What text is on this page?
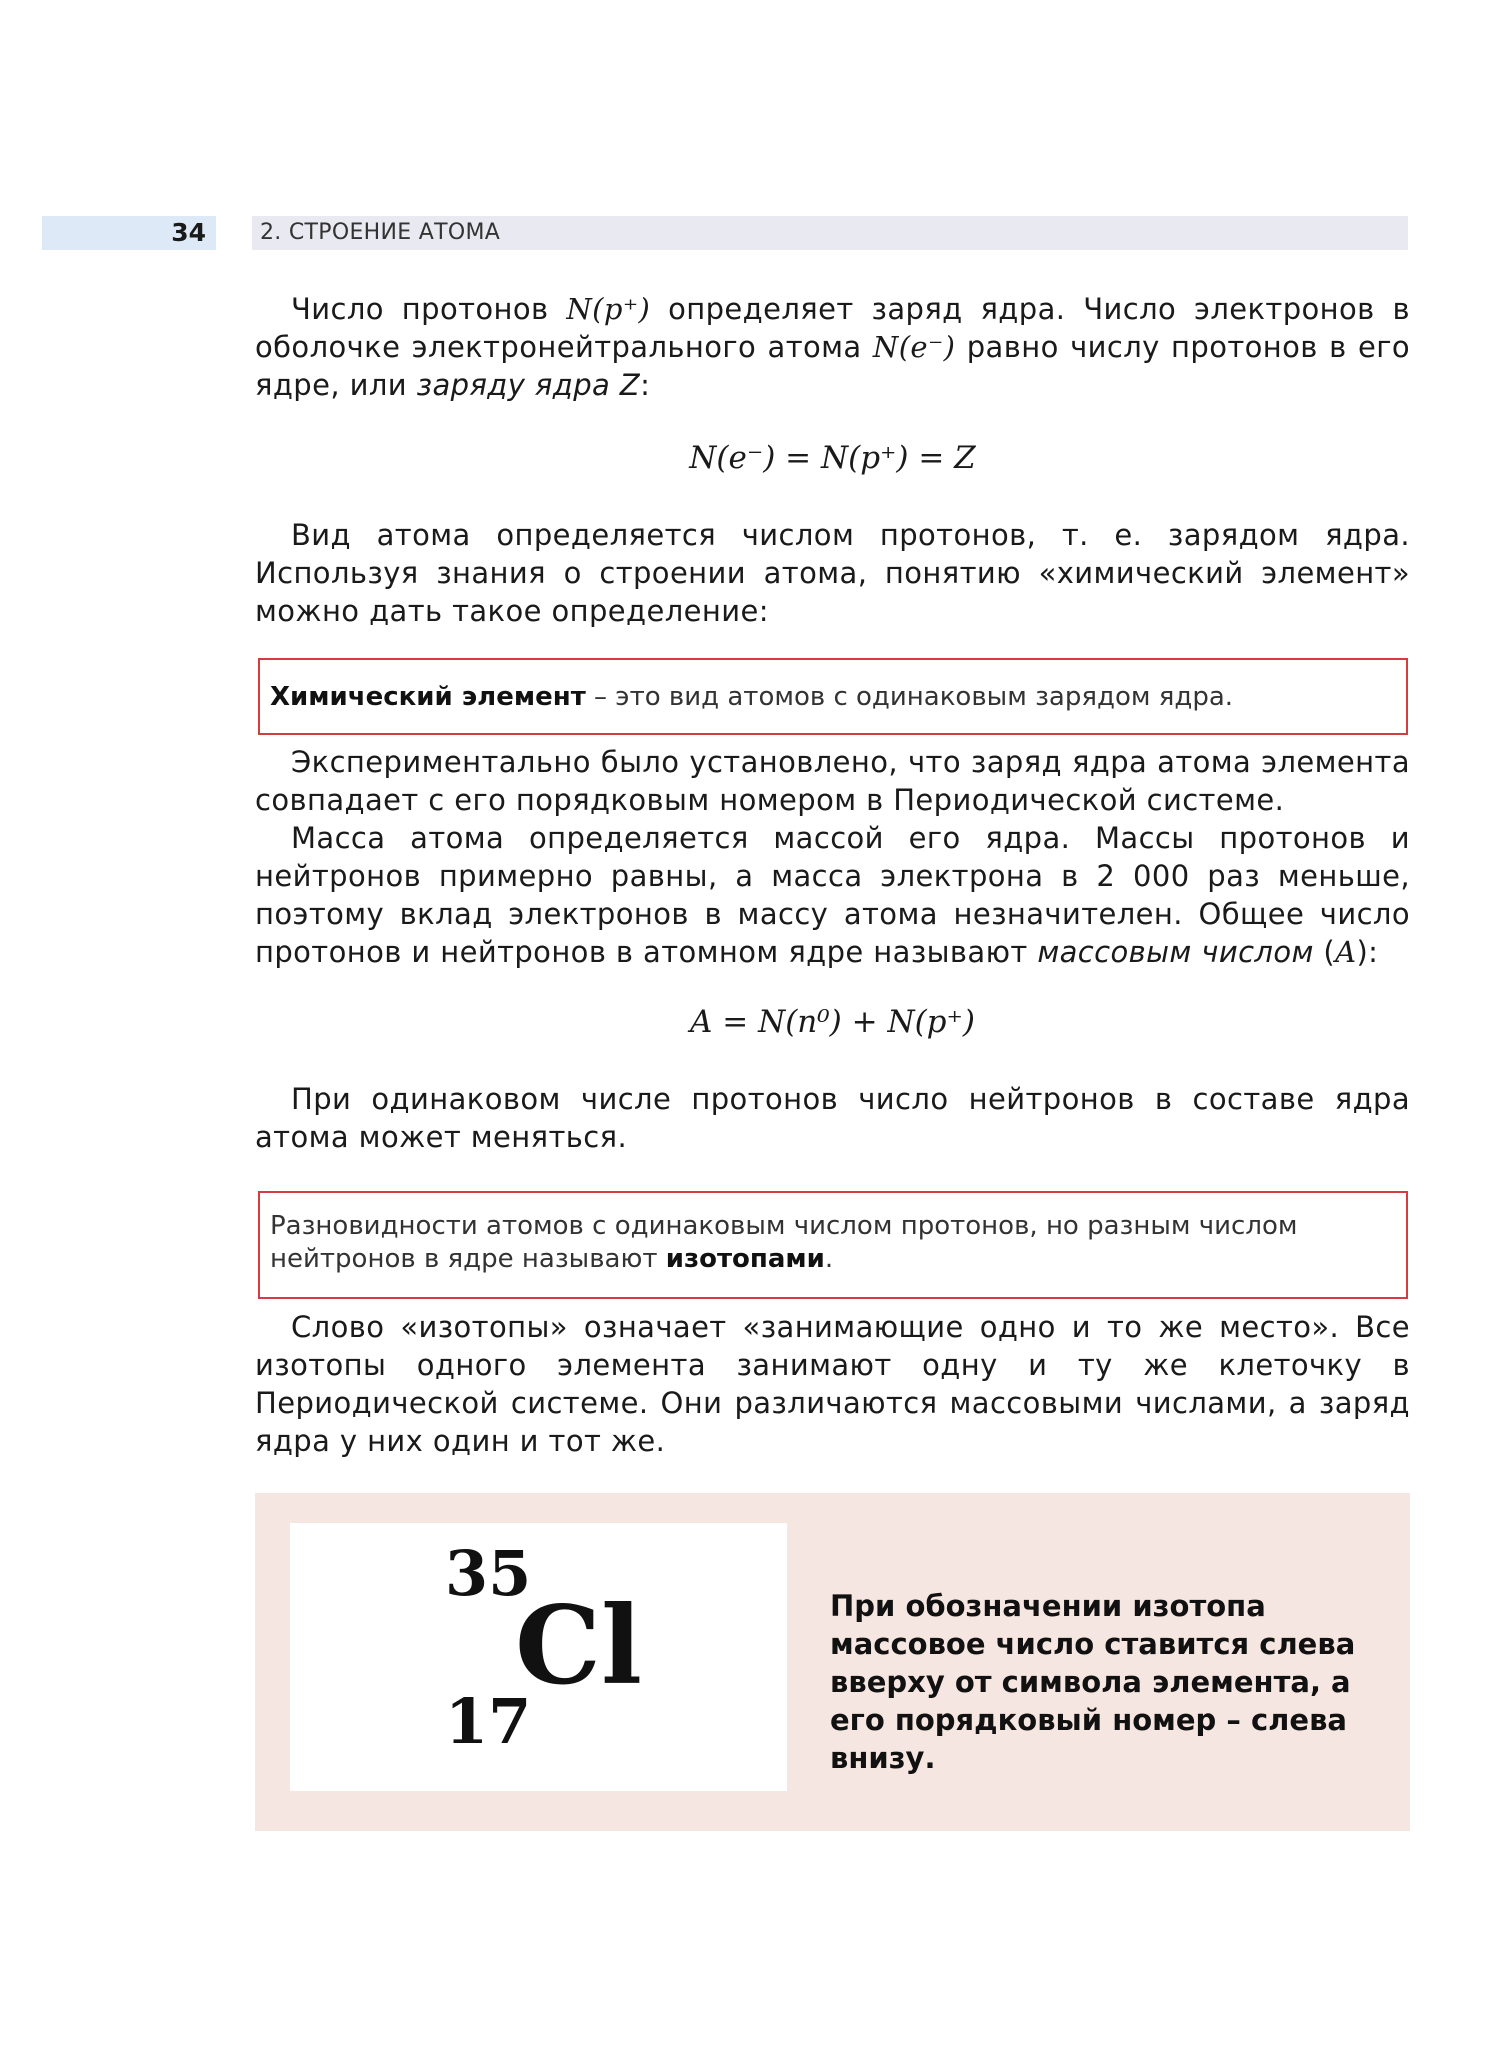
34 2. СТРОЕНИЕ АТОМА

Число протонов N(p⁺) определяет заряд ядра. Число электронов в оболочке электронейтрального атома N(e⁻) равно числу протонов в его ядре, или заряду ядра Z:

N(e⁻) = N(p⁺) = Z

Вид атома определяется числом протонов, т. е. зарядом ядра. Используя знания о строении атома, понятию «химический элемент» можно дать такое определение:

Химический элемент – это вид атомов с одинаковым зарядом ядра.

Экспериментально было установлено, что заряд ядра атома элемента совпадает с его порядковым номером в Периодической системе.

Масса атома определяется массой его ядра. Массы протонов и нейтронов примерно равны, а масса электрона в 2 000 раз меньше, поэтому вклад электронов в массу атома незначителен. Общее число протонов и нейтронов в атомном ядре называют массовым числом (A):

A = N(n⁰) + N(p⁺)

При одинаковом числе протонов число нейтронов в составе ядра атома может меняться.

Разновидности атомов с одинаковым числом протонов, но разным числом нейтронов в ядре называют изотопами.

Слово «изотопы» означает «занимающие одно и то же место». Все изотопы одного элемента занимают одну и ту же клеточку в Периодической системе. Они различаются массовыми числами, а заряд ядра у них один и тот же.

35
Cl
17
При обозначении изотопа массовое число ставится слева вверху от символа элемента, а его порядковый номер – слева внизу.
